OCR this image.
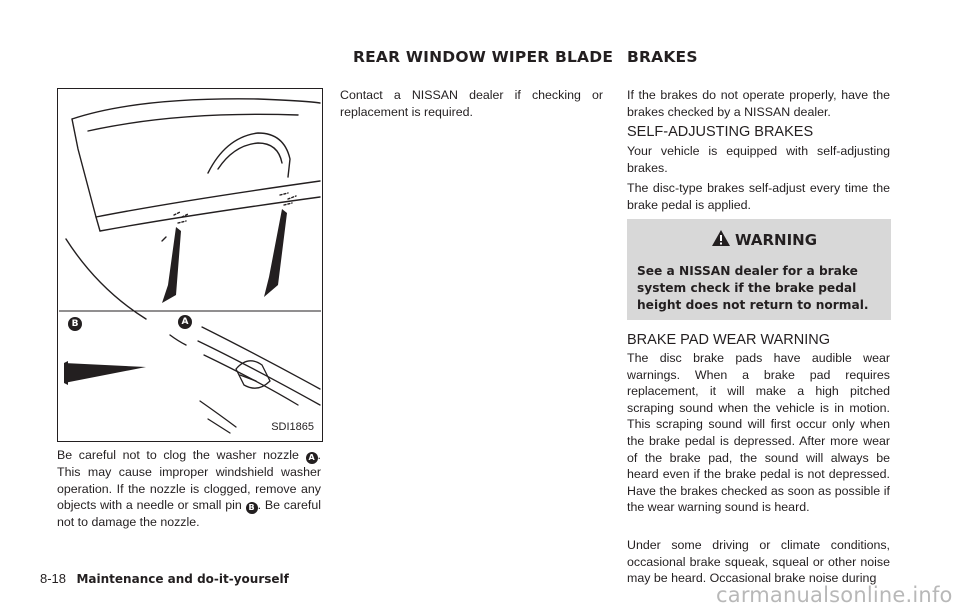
REAR WINDOW WIPER BLADE BRAKES
B	A
SDI1865

Be careful not to clog the washer nozzle A . This may cause improper windshield washer operation. If the nozzle is clogged, remove any objects with a needle or small pin B . Be careful not to damage the nozzle.

Contact a NISSAN dealer if checking or replacement is required.

If the brakes do not operate properly, have the brakes checked by a NISSAN dealer.

SELF-ADJUSTING BRAKES

Your vehicle is equipped with self-adjusting brakes.

The disc-type brakes self-adjust every time the brake pedal is applied.

WARNING

See a NISSAN dealer for a brake system check if the brake pedal height does not return to normal.

BRAKE PAD WEAR WARNING

The disc brake pads have audible wear warnings. When a brake pad requires replacement, it will make a high pitched scraping sound when the vehicle is in motion. This scraping sound will first occur only when the brake pedal is depressed. After more wear of the brake pad, the sound will always be heard even if the brake pedal is not depressed. Have the brakes checked as soon as possible if the wear warning sound is heard.

Under some driving or climate conditions, occasional brake squeak, squeal or other noise may be heard. Occasional brake noise during

8-18 Maintenance and do-it-yourself
carmanualsonline.info
